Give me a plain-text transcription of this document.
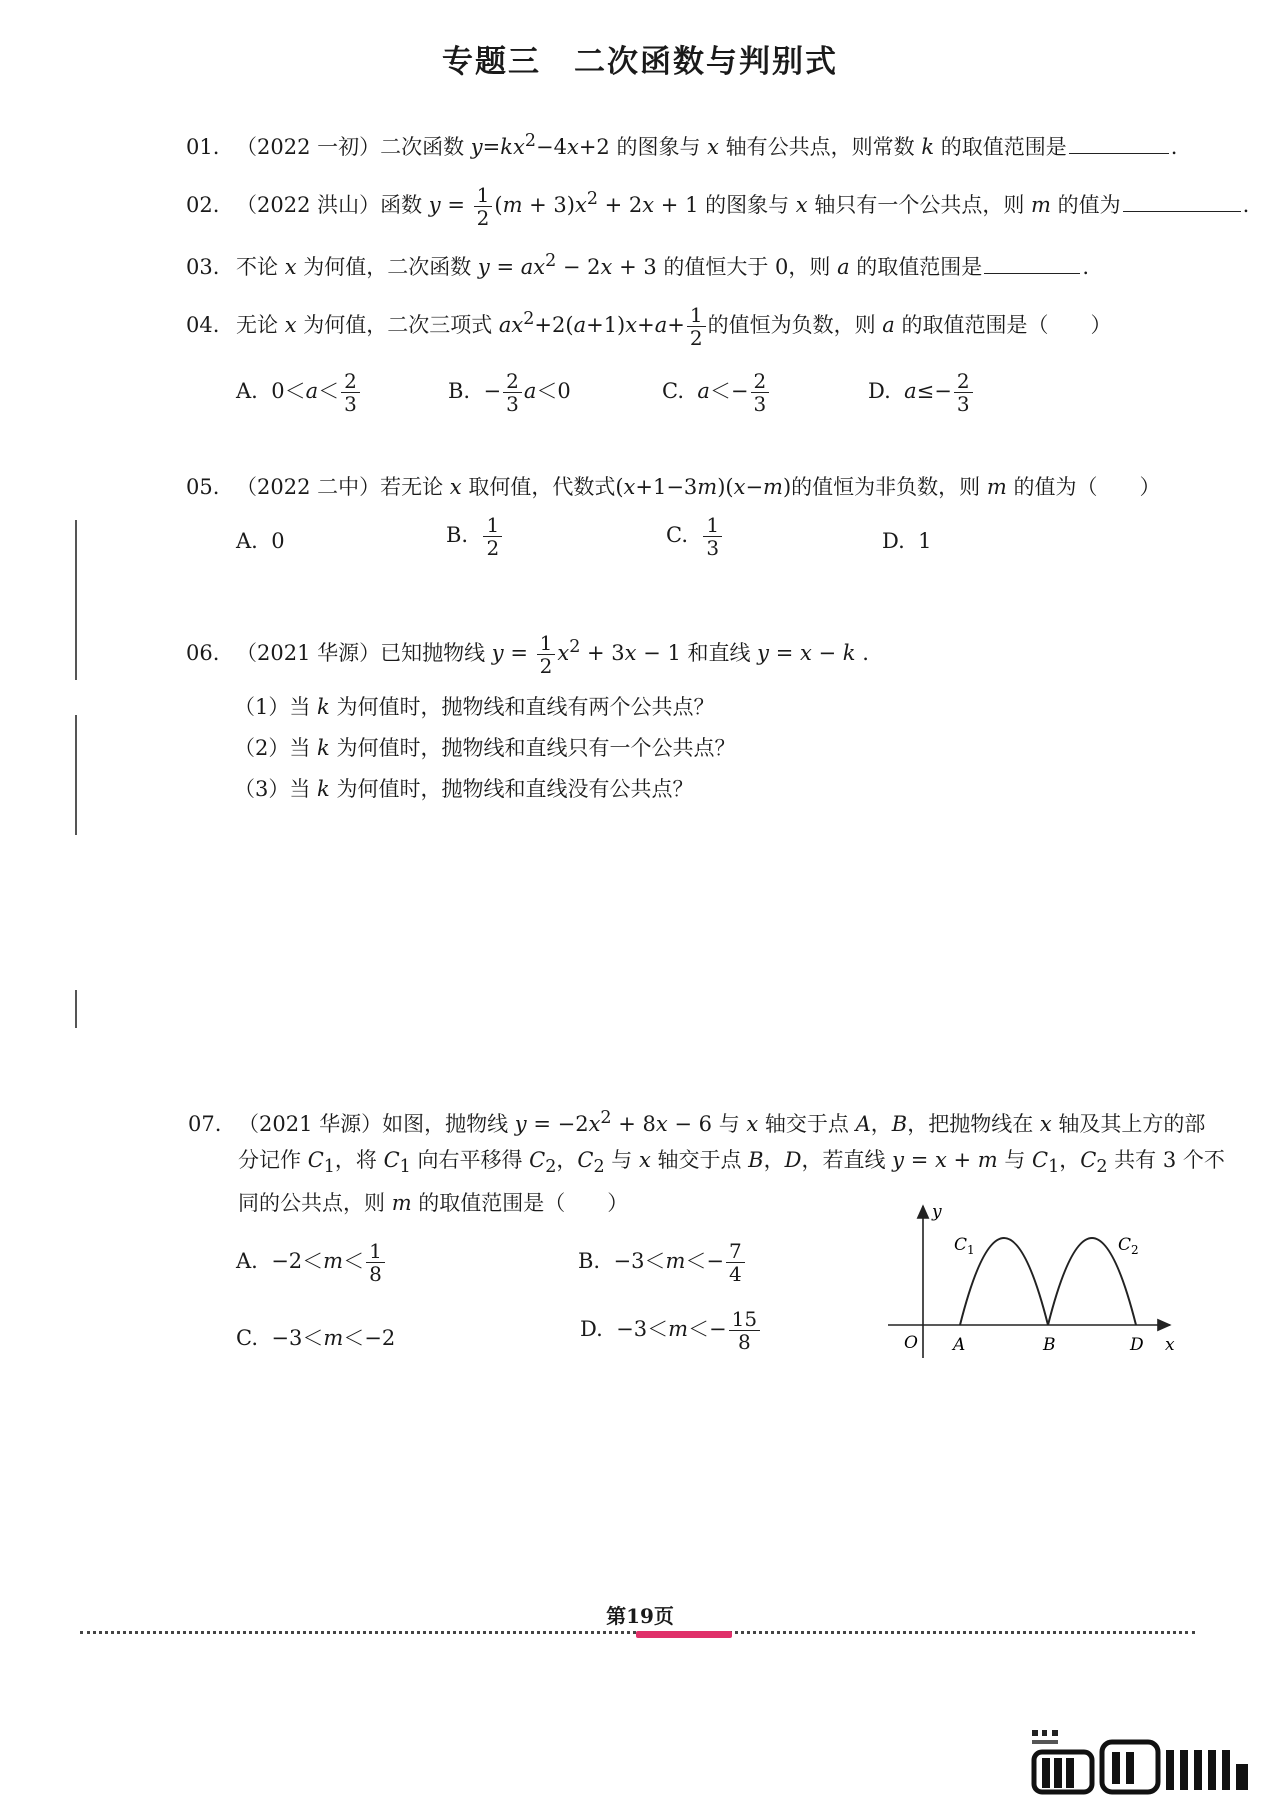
专题三　二次函数与判别式
01. （2022 一初）二次函数 $y=kx^2-4x+2$ 的图象与 x 轴有公共点，则常数 k 的取值范围是	.
02. （2022 洪山）函数 $y = \frac{1}{2} (m + 3)x^2 + 2x + 1$ 的图象与 x 轴只有一个公共点，则 m 的值为	.
03. 不论 x 为何值，二次函数 $y = ax^2 - 2x + 3$ 的值恒大于 0，则 a 的取值范围是	.
04. 无论 x 为何值，二次三项式 $ax^2+2(a+1)x+a+ \frac{1}{2}$ 的值恒为负数，则 a 的取值范围是（　　）
A. $0<a< \frac{2}{3}$	B. − $\frac{2}{3} a<0$	C. $a<- \frac{2}{3}$	D. $a\le- \frac{2}{3}$
05. （2022 二中）若无论 x 取何值，代数式(x+1−3m)(x−m)的值恒为非负数，则 m 的值为（　　）
A. 0	B. $\frac{1}{2}$	C. $\frac{1}{3}$	D. 1
06. （2021 华源）已知抛物线 $y = \frac{1}{2} x^2 + 3x - 1$ 和直线 y = x − k .
（1）当 k 为何值时，抛物线和直线有两个公共点？
（2）当 k 为何值时，抛物线和直线只有一个公共点？
（3）当 k 为何值时，抛物线和直线没有公共点？
07. （2021 华源）如图，抛物线 $y = -2x^2 + 8x - 6$ 与 x 轴交于点 A，B，把抛物线在 x 轴及其上方的部
分记作 $C_1$，将 $C_1$ 向右平移得 $C_2$，$C_2$ 与 x 轴交于点 B，D，若直线 y = x + m 与 $C_1$，$C_2$ 共有 3 个不
同的公共点，则 m 的取值范围是（　　）
A. $-2<m< \frac{1}{8}$	B. $-3<m<- \frac{7}{4}$
C. −3＜m＜−2	D. $-3<m<- \frac{15}{8}$
y
x
O A	B	D
$C_1$	$C_2$
第19页
